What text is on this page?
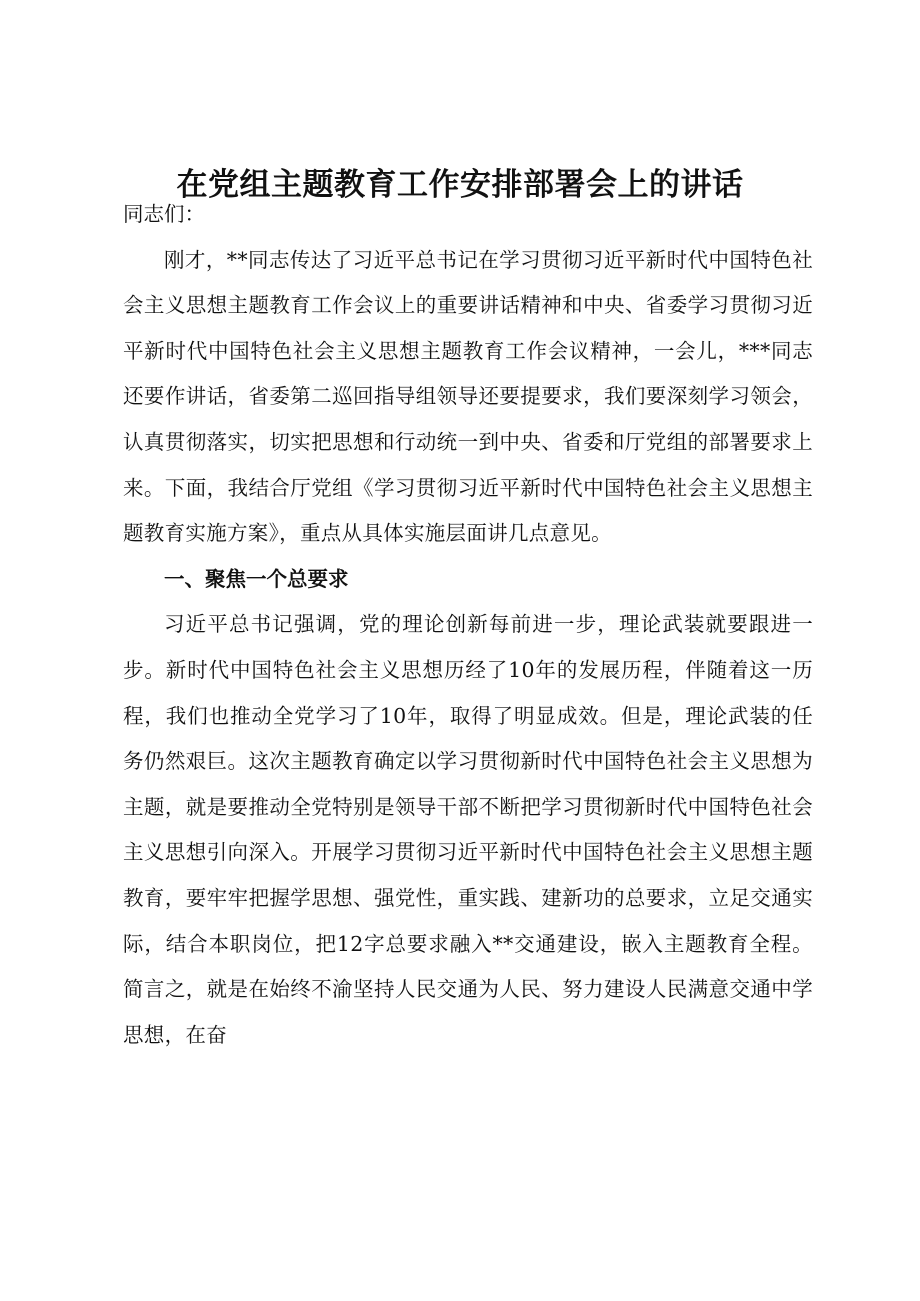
在党组主题教育工作安排部署会上的讲话

同志们：

刚才，**同志传达了习近平总书记在学习贯彻习近平新时代中国特色社会主义思想主题教育工作会议上的重要讲话精神和中央、省委学习贯彻习近平新时代中国特色社会主义思想主题教育工作会议精神，一会儿，***同志还要作讲话，省委第二巡回指导组领导还要提要求，我们要深刻学习领会，认真贯彻落实，切实把思想和行动统一到中央、省委和厅党组的部署要求上来。下面，我结合厅党组《学习贯彻习近平新时代中国特色社会主义思想主题教育实施方案》，重点从具体实施层面讲几点意见。

一、聚焦一个总要求

习近平总书记强调，党的理论创新每前进一步，理论武装就要跟进一步。新时代中国特色社会主义思想历经了10年的发展历程，伴随着这一历程，我们也推动全党学习了10年，取得了明显成效。但是，理论武装的任务仍然艰巨。这次主题教育确定以学习贯彻新时代中国特色社会主义思想为主题，就是要推动全党特别是领导干部不断把学习贯彻新时代中国特色社会主义思想引向深入。开展学习贯彻习近平新时代中国特色社会主义思想主题教育，要牢牢把握学思想、强党性，重实践、建新功的总要求，立足交通实际，结合本职岗位，把12字总要求融入**交通建设，嵌入主题教育全程。简言之，就是在始终不渝坚持人民交通为人民、努力建设人民满意交通中学思想，在奋
